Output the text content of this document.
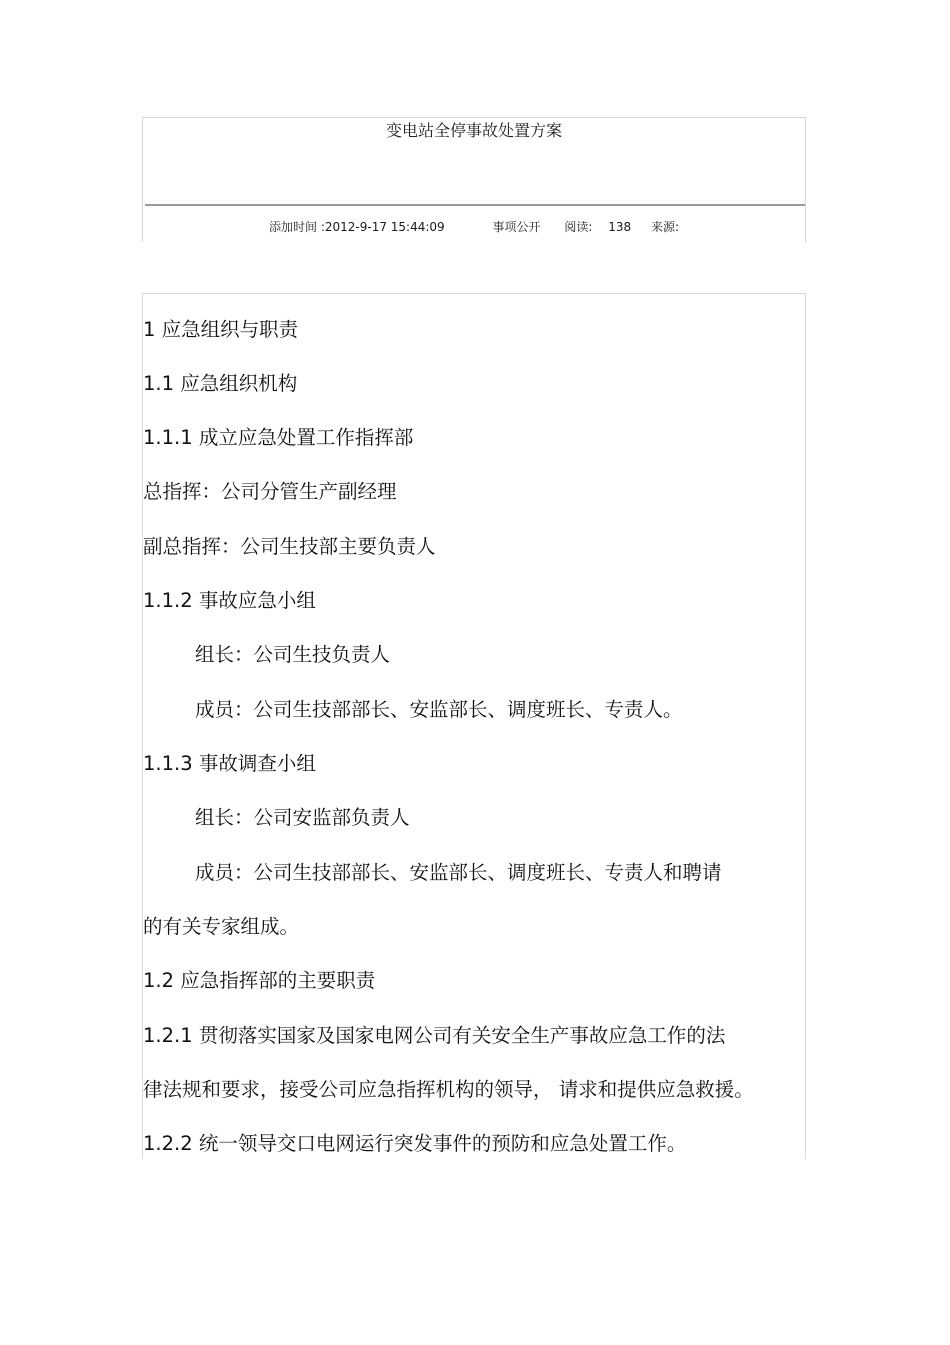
变电站全停事故处置方案
添加时间 :2012-9-17 15:44:09	事项公开 阅读: 138 来源:
1 应急组织与职责
1.1 应急组织机构
1.1.1 成立应急处置工作指挥部
总指挥：公司分管生产副经理
副总指挥：公司生技部主要负责人
1.1.2 事故应急小组
组长：公司生技负责人
成员：公司生技部部长、安监部长、调度班长、专责人。
1.1.3 事故调查小组
组长：公司安监部负责人
成员：公司生技部部长、安监部长、调度班长、专责人和聘请
的有关专家组成。
1.2 应急指挥部的主要职责
1.2.1 贯彻落实国家及国家电网公司有关安全生产事故应急工作的法
律法规和要求，接受公司应急指挥机构的领导， 请求和提供应急救援。
1.2.2 统一领导交口电网运行突发事件的预防和应急处置工作。
